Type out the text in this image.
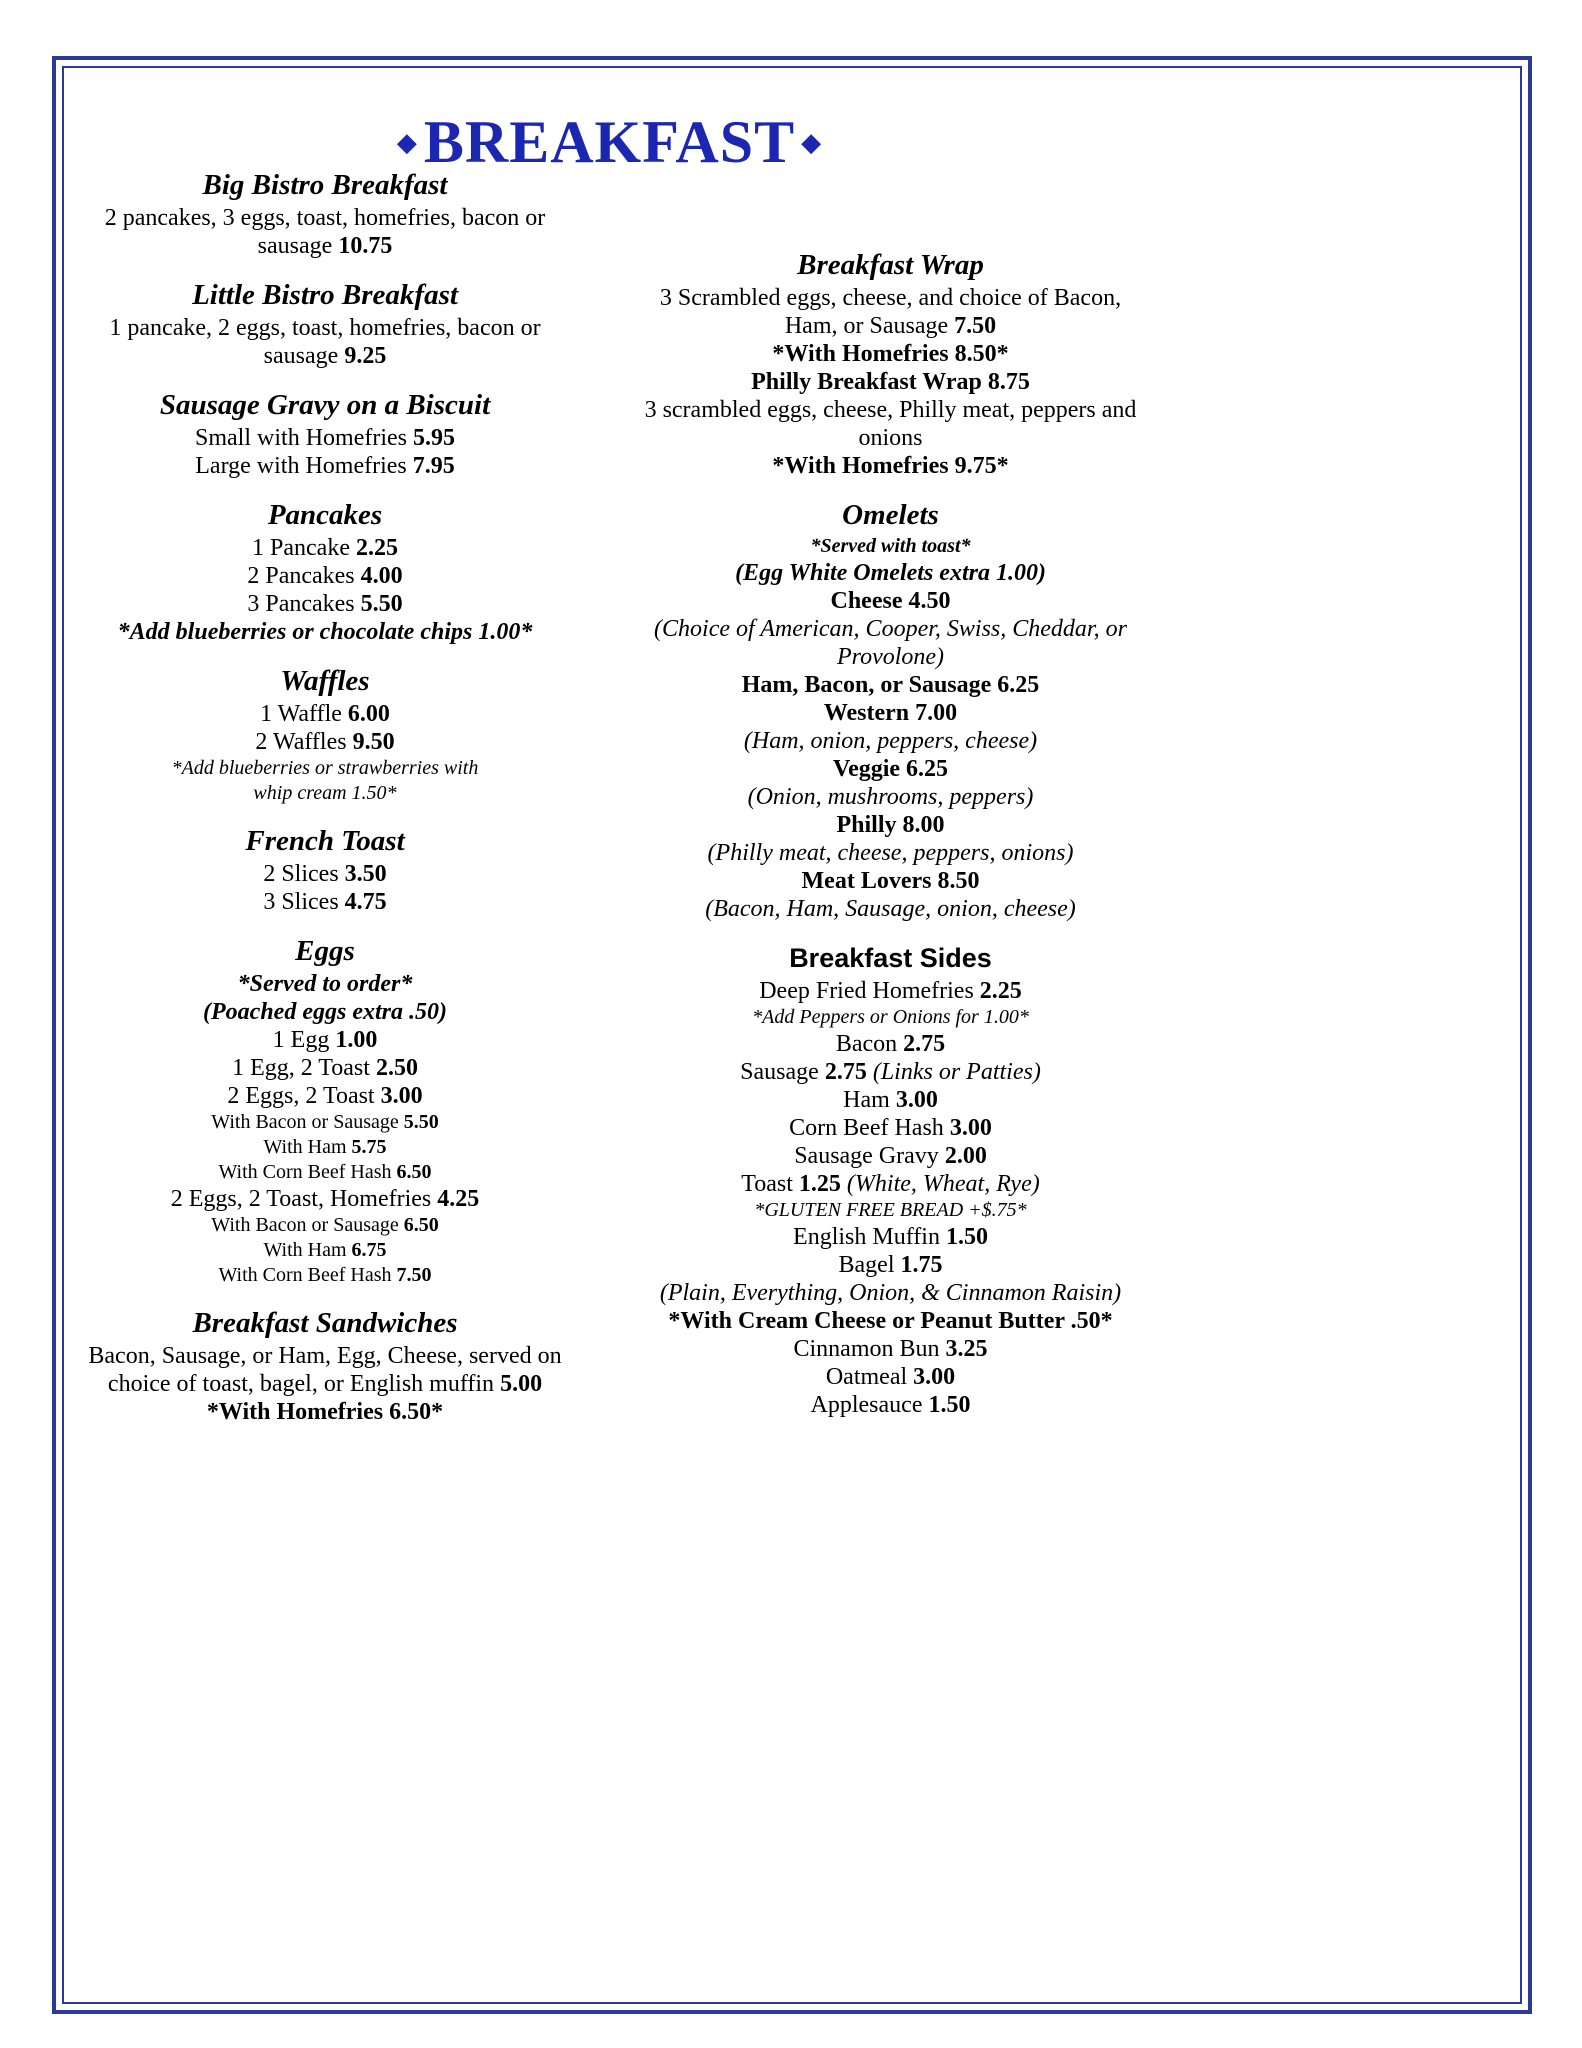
◆ BREAKFAST ◆
Big Bistro Breakfast
2 pancakes, 3 eggs, toast, homefries, bacon or sausage 10.75
Little Bistro Breakfast
1 pancake, 2 eggs, toast, homefries, bacon or sausage 9.25
Sausage Gravy on a Biscuit
Small with Homefries 5.95
Large with Homefries 7.95
Pancakes
1 Pancake 2.25
2 Pancakes 4.00
3 Pancakes 5.50
*Add blueberries or chocolate chips 1.00*
Waffles
1 Waffle 6.00
2 Waffles 9.50
*Add blueberries or strawberries with whip cream 1.50*
French Toast
2 Slices 3.50
3 Slices 4.75
Eggs
*Served to order*
(Poached eggs extra .50)
1 Egg 1.00
1 Egg, 2 Toast 2.50
2 Eggs, 2 Toast 3.00
With Bacon or Sausage 5.50
With Ham 5.75
With Corn Beef Hash 6.50
2 Eggs, 2 Toast, Homefries 4.25
With Bacon or Sausage 6.50
With Ham 6.75
With Corn Beef Hash 7.50
Breakfast Sandwiches
Bacon, Sausage, or Ham, Egg, Cheese, served on choice of toast, bagel, or English muffin 5.00
*With Homefries 6.50*
Breakfast Wrap
3 Scrambled eggs, cheese, and choice of Bacon, Ham, or Sausage 7.50
*With Homefries 8.50*
Philly Breakfast Wrap 8.75
3 scrambled eggs, cheese, Philly meat, peppers and onions
*With Homefries 9.75*
Omelets
*Served with toast*
(Egg White Omelets extra 1.00)
Cheese 4.50
(Choice of American, Cooper, Swiss, Cheddar, or Provolone)
Ham, Bacon, or Sausage 6.25
Western 7.00
(Ham, onion, peppers, cheese)
Veggie 6.25
(Onion, mushrooms, peppers)
Philly 8.00
(Philly meat, cheese, peppers, onions)
Meat Lovers 8.50
(Bacon, Ham, Sausage, onion, cheese)
Breakfast Sides
Deep Fried Homefries 2.25
*Add Peppers or Onions for 1.00*
Bacon 2.75
Sausage 2.75 (Links or Patties)
Ham 3.00
Corn Beef Hash 3.00
Sausage Gravy 2.00
Toast 1.25 (White, Wheat, Rye)
*GLUTEN FREE BREAD +$.75*
English Muffin 1.50
Bagel 1.75
(Plain, Everything, Onion, & Cinnamon Raisin)
*With Cream Cheese or Peanut Butter .50*
Cinnamon Bun 3.25
Oatmeal 3.00
Applesauce 1.50
